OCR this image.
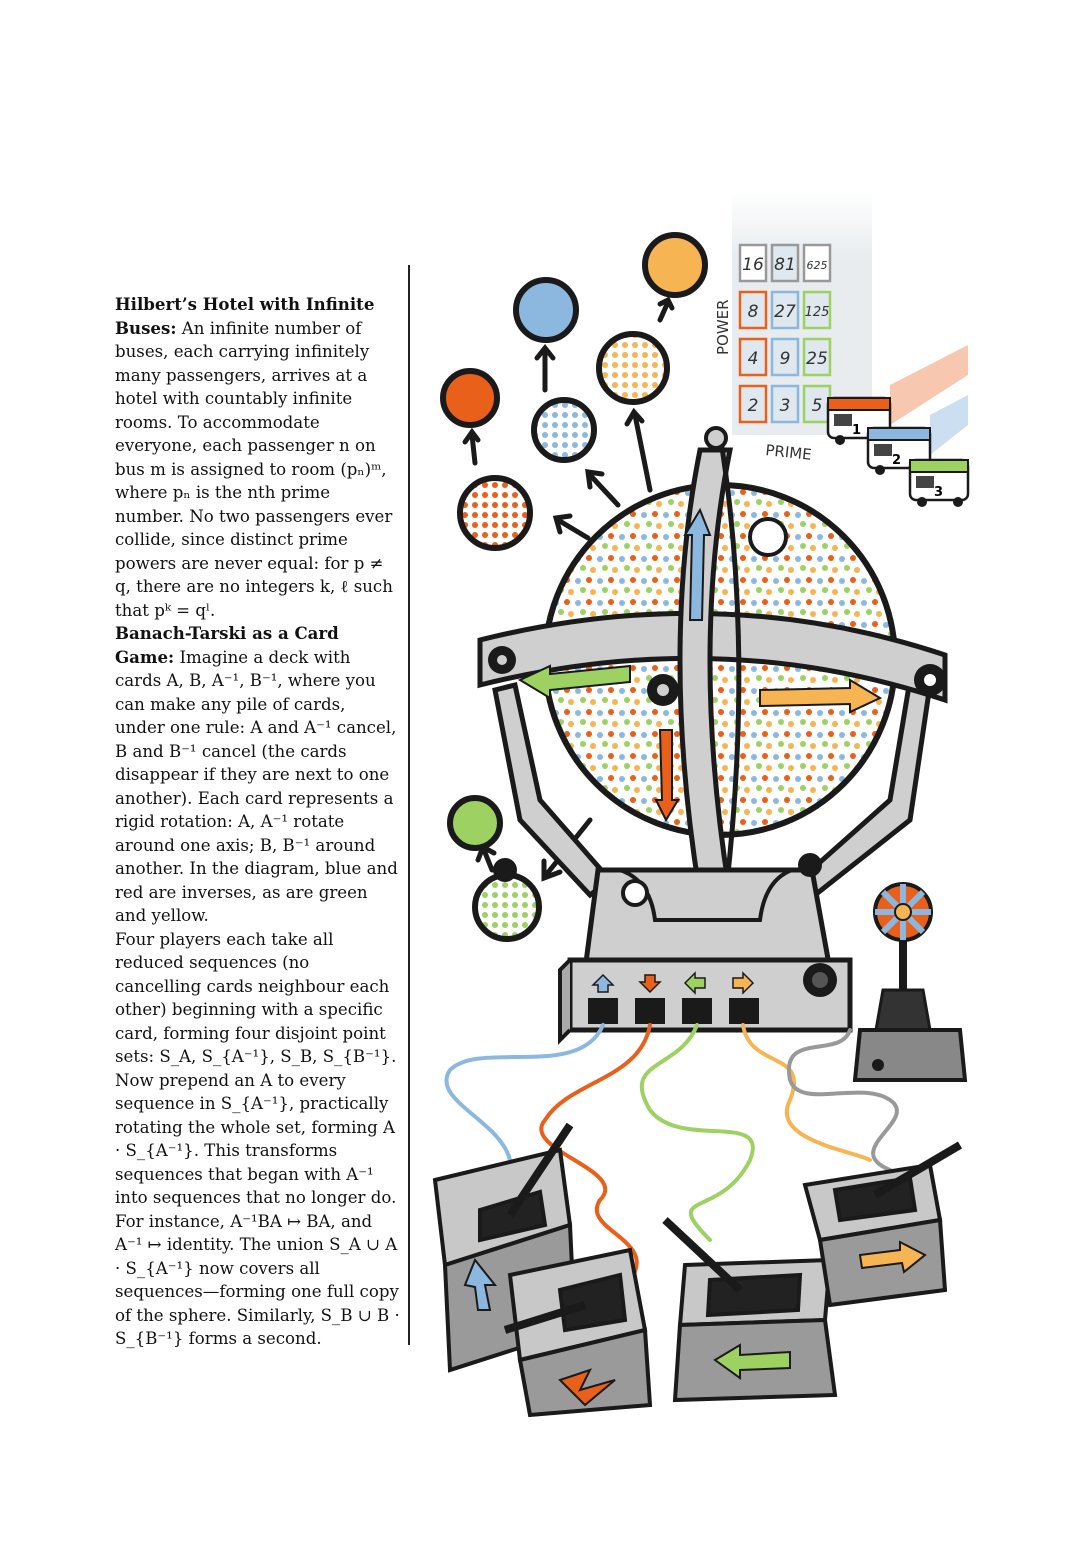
Hilbert’s Hotel with Infinite Buses: An infinite number of buses, each carrying infinitely many passengers, arrives at a hotel with countably infinite rooms. To accommodate everyone, each passenger n on bus m is assigned to room (pₙ)ᵐ, where pₙ is the nth prime number. No two passengers ever collide, since distinct prime powers are never equal: for p ≠ q, there are no integers k, ℓ such that pᵏ = qˡ.

Banach-Tarski as a Card Game: Imagine a deck with cards A, B, A⁻¹, B⁻¹, where you can make any pile of cards, under one rule: A and A⁻¹ cancel, B and B⁻¹ cancel (the cards disappear if they are next to one another). Each card represents a rigid rotation: A, A⁻¹ rotate around one axis; B, B⁻¹ around another. In the diagram, blue and red are inverses, as are green and yellow.

Four players each take all reduced sequences (no cancelling cards neighbour each other) beginning with a specific card, forming four disjoint point sets: S_A, S_{A⁻¹}, S_B, S_{B⁻¹}.

Now prepend an A to every sequence in S_{A⁻¹}, practically rotating the whole set, forming A · S_{A⁻¹}. This transforms sequences that began with A⁻¹ into sequences that no longer do. For instance, A⁻¹BA ↦ BA, and A⁻¹ ↦ identity. The union S_A ∪ A · S_{A⁻¹} now covers all sequences—forming one full copy of the sphere. Similarly, S_B ∪ B · S_{B⁻¹} forms a second.

16 81 625
8 27 125
4 9 25
2 3 5
POWER
PRIME
1
2
3
